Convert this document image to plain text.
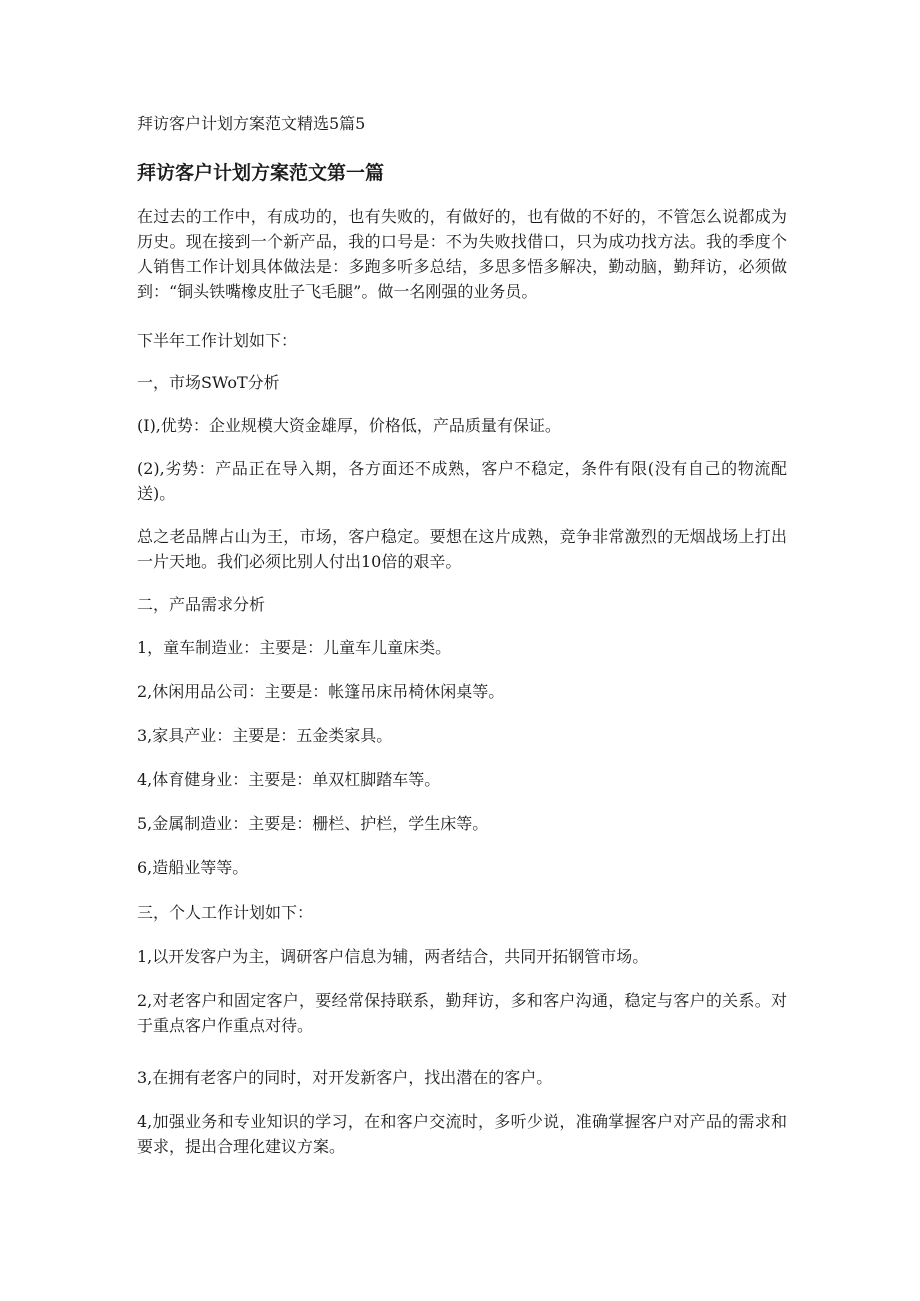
拜访客户计划方案范文精选5篇5
拜访客户计划方案范文第一篇
在过去的工作中，有成功的，也有失败的，有做好的，也有做的不好的，不管怎么说都成为历史。现在接到一个新产品，我的口号是：不为失败找借口，只为成功找方法。我的季度个人销售工作计划具体做法是：多跑多听多总结，多思多悟多解决，勤动脑，勤拜访，必须做到：“铜头铁嘴橡皮肚子飞毛腿”。做一名刚强的业务员。
下半年工作计划如下：
一，市场SWoT分析
(I),优势：企业规模大资金雄厚，价格低，产品质量有保证。
(2),劣势：产品正在导入期，各方面还不成熟，客户不稳定，条件有限(没有自己的物流配送)。
总之老品牌占山为王，市场，客户稳定。要想在这片成熟，竞争非常激烈的无烟战场上打出一片天地。我们必须比别人付出10倍的艰辛。
二，产品需求分析
1，童车制造业：主要是：儿童车儿童床类。
2,休闲用品公司：主要是：帐篷吊床吊椅休闲桌等。
3,家具产业：主要是：五金类家具。
4,体育健身业：主要是：单双杠脚踏车等。
5,金属制造业：主要是：栅栏、护栏，学生床等。
6,造船业等等。
三，个人工作计划如下：
1,以开发客户为主，调研客户信息为辅，两者结合，共同开拓钢管市场。
2,对老客户和固定客户，要经常保持联系，勤拜访，多和客户沟通，稳定与客户的关系。对于重点客户作重点对待。
3,在拥有老客户的同时，对开发新客户，找出潜在的客户。
4,加强业务和专业知识的学习，在和客户交流时，多听少说，准确掌握客户对产品的需求和要求，提出合理化建议方案。
